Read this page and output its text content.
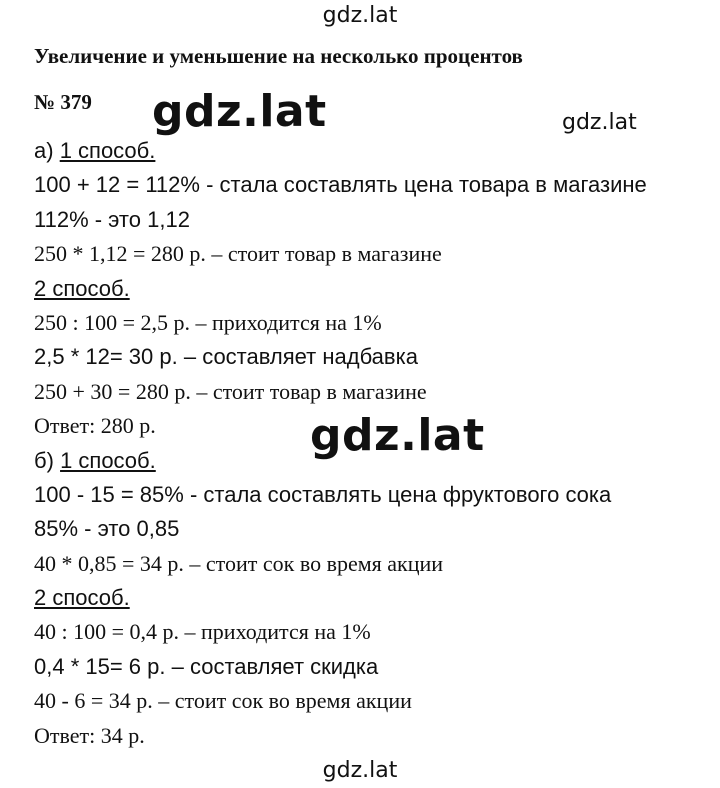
gdz.lat
Увеличение и уменьшение на несколько процентов
№ 379 gdz.lat	gdz.lat
а) 1 способ.
100 + 12 = 112% - стала составлять цена товара в магазине
112% - это 1,12
250 * 1,12 = 280 р. – стоит товар в магазине
2 способ.
250 : 100 = 2,5 р. – приходится на 1%
2,5 * 12= 30 р. – составляет надбавка
250 + 30 = 280 р. – стоит товар в магазине
Ответ: 280 р.
б) 1 способ.
100 - 15 = 85% - стала составлять цена фруктового сока
85% - это 0,85
40 * 0,85 = 34 р. – стоит сок во время акции
2 способ.
40 : 100 = 0,4 р. – приходится на 1%
0,4 * 15= 6 р. – составляет скидка
40 - 6 = 34 р. – стоит сок во время акции
Ответ: 34 р.
gdz.lat
gdz.lat
